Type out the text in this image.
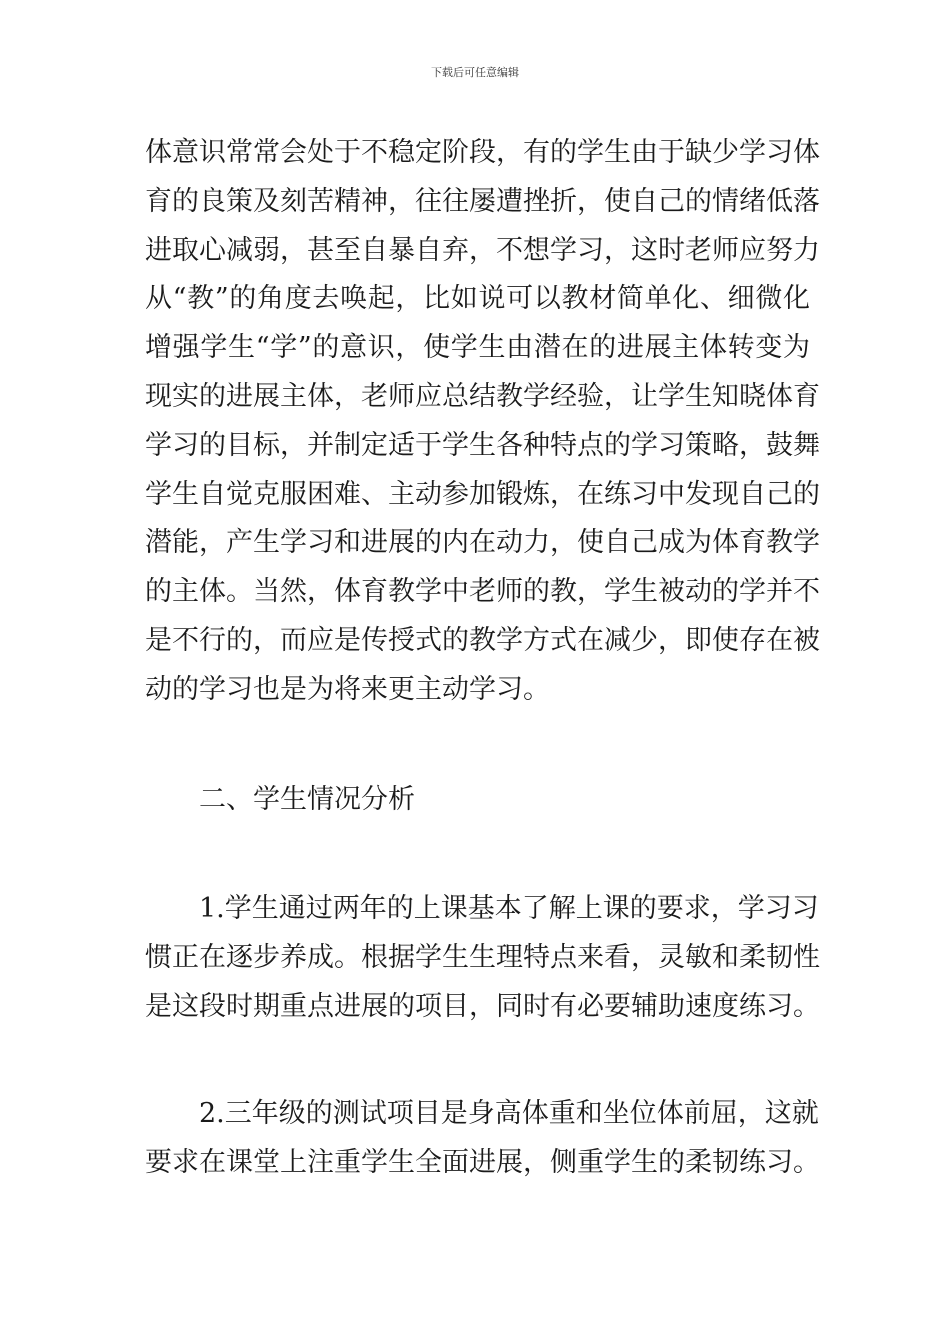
下载后可任意编辑
体意识常常会处于不稳定阶段，有的学生由于缺少学习体
育的良策及刻苦精神，往往屡遭挫折，使自己的情绪低落
进取心减弱，甚至自暴自弃，不想学习，这时老师应努力
从“教”的角度去唤起，比如说可以教材简单化、细微化
增强学生“学”的意识，使学生由潜在的进展主体转变为
现实的进展主体，老师应总结教学经验，让学生知晓体育
学习的目标，并制定适于学生各种特点的学习策略，鼓舞
学生自觉克服困难、主动参加锻炼，在练习中发现自己的
潜能，产生学习和进展的内在动力，使自己成为体育教学
的主体。当然，体育教学中老师的教，学生被动的学并不
是不行的，而应是传授式的教学方式在减少，即使存在被
动的学习也是为将来更主动学习。
二、学生情况分析
1.学生通过两年的上课基本了解上课的要求，学习习
惯正在逐步养成。根据学生生理特点来看，灵敏和柔韧性
是这段时期重点进展的项目，同时有必要辅助速度练习。
2.三年级的测试项目是身高体重和坐位体前屈，这就
要求在课堂上注重学生全面进展，侧重学生的柔韧练习。
